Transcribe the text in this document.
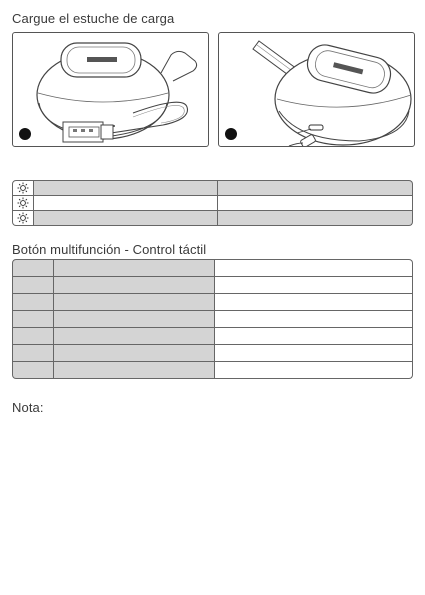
Cargue el estuche de carga

Botón multifunción - Control táctil

Nota:
